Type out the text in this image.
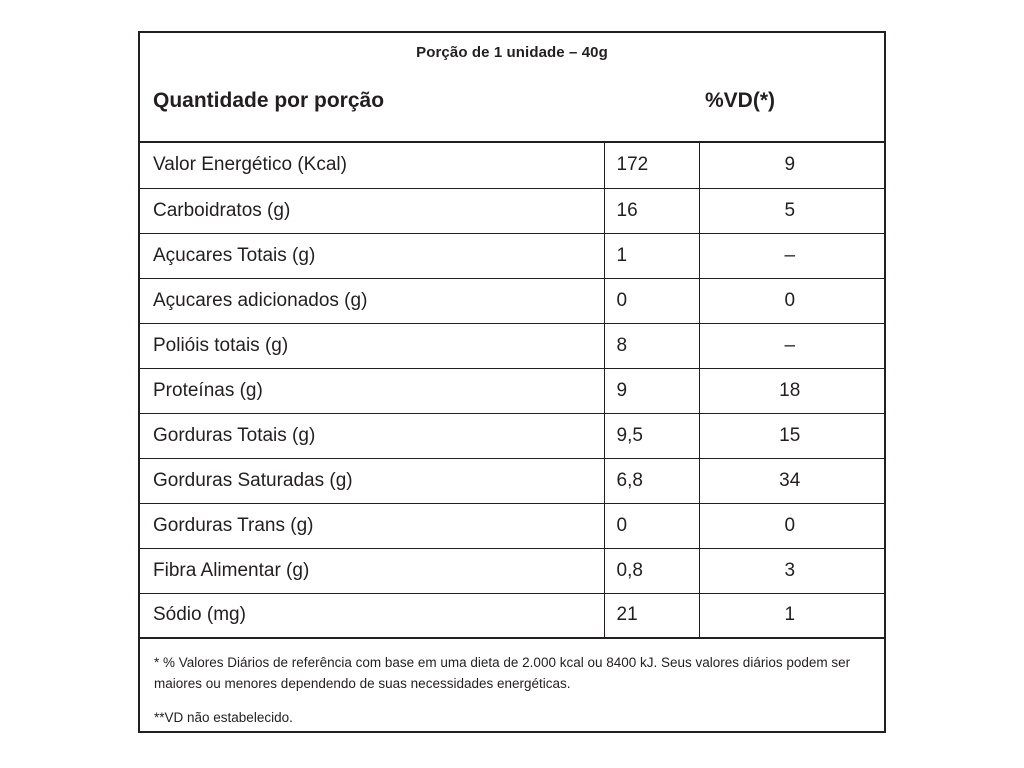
Porção de 1 unidade – 40g
Quantidade por porção	%VD(*)
Valor Energético (Kcal)	172	9
Carboidratos (g)	16	5
Açucares Totais (g)	1	–
Açucares adicionados (g)	0	0
Polióis totais (g)	8	–
Proteínas (g)	9	18
Gorduras Totais (g)	9,5	15
Gorduras Saturadas (g)	6,8	34
Gorduras Trans (g)	0	0
Fibra Alimentar (g)	0,8	3
Sódio (mg)	21	1
* % Valores Diários de referência com base em uma dieta de 2.000 kcal ou 8400 kJ. Seus valores diários podem ser maiores ou menores dependendo de suas necessidades energéticas.
**VD não estabelecido.
